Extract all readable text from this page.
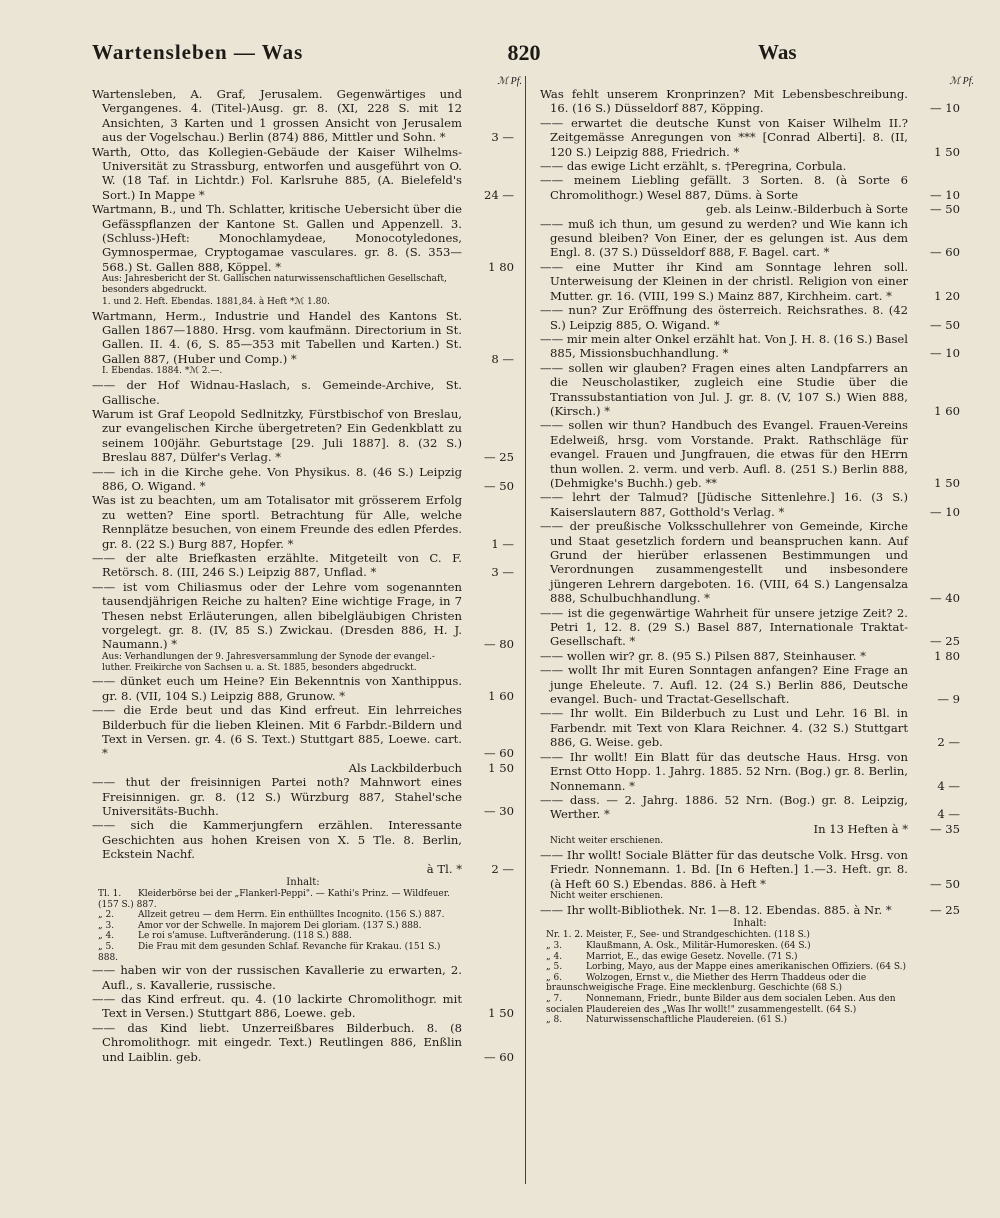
Wartensleben — Was	820	Was
ℳ Pf.
Wartensleben, A. Graf, Jerusalem. Gegenwärtiges und Vergangenes. 4. (Titel-)Ausg. gr. 8. (XI, 228 S. mit 12 Ansichten, 3 Karten und 1 grossen Ansicht von Jerusalem aus der Vogelschau.) Berlin (874) 886, Mittler und Sohn. *	3 —
Warth, Otto, das Kollegien-Gebäude der Kaiser Wilhelms-Universität zu Strassburg, entworfen und ausgeführt von O. W. (18 Taf. in Lichtdr.) Fol. Karlsruhe 885, (A. Bielefeld's Sort.) In Mappe *	24 —
Wartmann, B., und Th. Schlatter, kritische Uebersicht über die Gefässpflanzen der Kantone St. Gallen und Appenzell. 3. (Schluss-)Heft: Monochlamydeae, Monocotyledones, Gymnospermae, Cryptogamae vasculares. gr. 8. (S. 353—568.) St. Gallen 888, Köppel. *	1 80
Aus: Jahresbericht der St. Gallischen naturwissenschaftlichen Gesellschaft, besonders abgedruckt.
1. und 2. Heft. Ebendas. 1881,84. à Heft *ℳ 1.80.
Wartmann, Herm., Industrie und Handel des Kantons St. Gallen 1867—1880. Hrsg. vom kaufmänn. Directorium in St. Gallen. II. 4. (6, S. 85—353 mit Tabellen und Karten.) St. Gallen 887, (Huber und Comp.) *	8 —
I. Ebendas. 1884. *ℳ 2.—.
—— der Hof Widnau-Haslach, s. Gemeinde-Archive, St. Gallische.
Warum ist Graf Leopold Sedlnitzky, Fürstbischof von Breslau, zur evangelischen Kirche übergetreten? Ein Gedenkblatt zu seinem 100jähr. Geburtstage [29. Juli 1887]. 8. (32 S.) Breslau 887, Dülfer's Verlag. *	— 25
—— ich in die Kirche gehe. Von Physikus. 8. (46 S.) Leipzig 886, O. Wigand. *	— 50
Was ist zu beachten, um am Totalisator mit grösserem Erfolg zu wetten? Eine sportl. Betrachtung für Alle, welche Rennplätze besuchen, von einem Freunde des edlen Pferdes. gr. 8. (22 S.) Burg 887, Hopfer. *	1 —
—— der alte Briefkasten erzählte. Mitgeteilt von C. F. Retörsch. 8. (III, 246 S.) Leipzig 887, Unflad. *	3 —
—— ist vom Chiliasmus oder der Lehre vom sogenannten tausendjährigen Reiche zu halten? Eine wichtige Frage, in 7 Thesen nebst Erläuterungen, allen bibelgläubigen Christen vorgelegt. gr. 8. (IV, 85 S.) Zwickau. (Dresden 886, H. J. Naumann.) *	— 80
Aus: Verhandlungen der 9. Jahresversammlung der Synode der evangel.-luther. Freikirche von Sachsen u. a. St. 1885, besonders abgedruckt.
—— dünket euch um Heine? Ein Bekenntnis von Xanthippus. gr. 8. (VII, 104 S.) Leipzig 888, Grunow. *	1 60
—— die Erde beut und das Kind erfreut. Ein lehrreiches Bilderbuch für die lieben Kleinen. Mit 6 Farbdr.-Bildern und Text in Versen. gr. 4. (6 S. Text.) Stuttgart 885, Loewe. cart. *	— 60
Als Lackbilderbuch	1 50
—— thut der freisinnigen Partei noth? Mahnwort eines Freisinnigen. gr. 8. (12 S.) Würzburg 887, Stahel'sche Universitäts-Buchh.	— 30
—— sich die Kammerjungfern erzählen. Interessante Geschichten aus hohen Kreisen von X. 5 Tle. 8. Berlin, Eckstein Nachf.
à Tl. *	2 —
Inhalt:
Tl. 1. Kleiderbörse bei der „Flankerl-Peppi". — Kathi's Prinz. — Wildfeuer. (157 S.) 887.
„ 2.	Allzeit getreu — dem Herrn. Ein enthülltes Incognito. (156 S.) 887.
„ 3.	Amor vor der Schwelle. In majorem Dei gloriam. (137 S.) 888.
„ 4.	Le roi s'amuse. Luftveränderung. (118 S.) 888.
„ 5.	Die Frau mit dem gesunden Schlaf. Revanche für Krakau. (151 S.) 888.
—— haben wir von der russischen Kavallerie zu erwarten, 2. Aufl., s. Kavallerie, russische.
—— das Kind erfreut. qu. 4. (10 lackirte Chromolithogr. mit Text in Versen.) Stuttgart 886, Loewe. geb.	1 50
—— das Kind liebt. Unzerreißbares Bilderbuch. 8. (8 Chromolithogr. mit eingedr. Text.) Reutlingen 886, Enßlin und Laiblin. geb.	— 60
ℳ Pf.
Was fehlt unserem Kronprinzen? Mit Lebensbeschreibung. 16. (16 S.) Düsseldorf 887, Köpping.	— 10
—— erwartet die deutsche Kunst von Kaiser Wilhelm II.? Zeitgemässe Anregungen von *** [Conrad Alberti]. 8. (II, 120 S.) Leipzig 888, Friedrich. *	1 50
—— das ewige Licht erzählt, s. †Peregrina, Corbula.
—— meinem Liebling gefällt. 3 Sorten. 8. (à Sorte 6 Chromolithogr.) Wesel 887, Düms. à Sorte	— 10
geb. als Leinw.-Bilderbuch à Sorte	— 50
—— muß ich thun, um gesund zu werden? und Wie kann ich gesund bleiben? Von Einer, der es gelungen ist. Aus dem Engl. 8. (37 S.) Düsseldorf 888, F. Bagel. cart. *	— 60
—— eine Mutter ihr Kind am Sonntage lehren soll. Unterweisung der Kleinen in der christl. Religion von einer Mutter. gr. 16. (VIII, 199 S.) Mainz 887, Kirchheim. cart. *	1 20
—— nun? Zur Eröffnung des österreich. Reichsrathes. 8. (42 S.) Leipzig 885, O. Wigand. *	— 50
—— mir mein alter Onkel erzählt hat. Von J. H. 8. (16 S.) Basel 885, Missionsbuchhandlung. *	— 10
—— sollen wir glauben? Fragen eines alten Landpfarrers an die Neuscholastiker, zugleich eine Studie über die Transsubstantiation von Jul. J. gr. 8. (V, 107 S.) Wien 888, (Kirsch.) *	1 60
—— sollen wir thun? Handbuch des Evangel. Frauen-Vereins Edelweiß, hrsg. vom Vorstande. Prakt. Rathschläge für evangel. Frauen und Jungfrauen, die etwas für den HErrn thun wollen. 2. verm. und verb. Aufl. 8. (251 S.) Berlin 888, (Dehmigke's Buchh.) geb. **	1 50
—— lehrt der Talmud? [Jüdische Sittenlehre.] 16. (3 S.) Kaiserslautern 887, Gotthold's Verlag. *	— 10
—— der preußische Volksschullehrer von Gemeinde, Kirche und Staat gesetzlich fordern und beanspruchen kann. Auf Grund der hierüber erlassenen Bestimmungen und Verordnungen zusammengestellt und insbesondere jüngeren Lehrern dargeboten. 16. (VIII, 64 S.) Langensalza 888, Schulbuchhandlung. *	— 40
—— ist die gegenwärtige Wahrheit für unsere jetzige Zeit? 2. Petri 1, 12. 8. (29 S.) Basel 887, Internationale Traktat-Gesellschaft. *	— 25
—— wollen wir? gr. 8. (95 S.) Pilsen 887, Steinhauser. *	1 80
—— wollt Ihr mit Euren Sonntagen anfangen? Eine Frage an junge Eheleute. 7. Aufl. 12. (24 S.) Berlin 886, Deutsche evangel. Buch- und Tractat-Gesellschaft.	— 9
—— Ihr wollt. Ein Bilderbuch zu Lust und Lehr. 16 Bl. in Farbendr. mit Text von Klara Reichner. 4. (32 S.) Stuttgart 886, G. Weise. geb.	2 —
—— Ihr wollt! Ein Blatt für das deutsche Haus. Hrsg. von Ernst Otto Hopp. 1. Jahrg. 1885. 52 Nrn. (Bog.) gr. 8. Berlin, Nonnemann. *	4 —
—— dass. — 2. Jahrg. 1886. 52 Nrn. (Bog.) gr. 8. Leipzig, Werther. *	4 —
In 13 Heften à *	— 35
Nicht weiter erschienen.
—— Ihr wollt! Sociale Blätter für das deutsche Volk. Hrsg. von Friedr. Nonnemann. 1. Bd. [In 6 Heften.] 1.—3. Heft. gr. 8. (à Heft 60 S.) Ebendas. 886. à Heft *	— 50
Nicht weiter erschienen.
—— Ihr wollt-Bibliothek. Nr. 1—8. 12. Ebendas. 885. à Nr. *	— 25
Inhalt:
Nr. 1. 2. Meister, F., See- und Strandgeschichten. (118 S.)
„ 3.	Klaußmann, A. Osk., Militär-Humoresken. (64 S.)
„ 4.	Marriot, E., das ewige Gesetz. Novelle. (71 S.)
„ 5.	Lorbing, Mayo, aus der Mappe eines amerikanischen Offiziers. (64 S.)
„ 6.	Wolzogen, Ernst v., die Miether des Herrn Thaddeus oder die braunschweigische Frage. Eine mecklenburg. Geschichte (68 S.)
„ 7.	Nonnemann, Friedr., bunte Bilder aus dem socialen Leben. Aus den socialen Plaudereien des „Was Ihr wollt!" zusammengestellt. (64 S.)
„ 8.	Naturwissenschaftliche Plaudereien. (61 S.)
